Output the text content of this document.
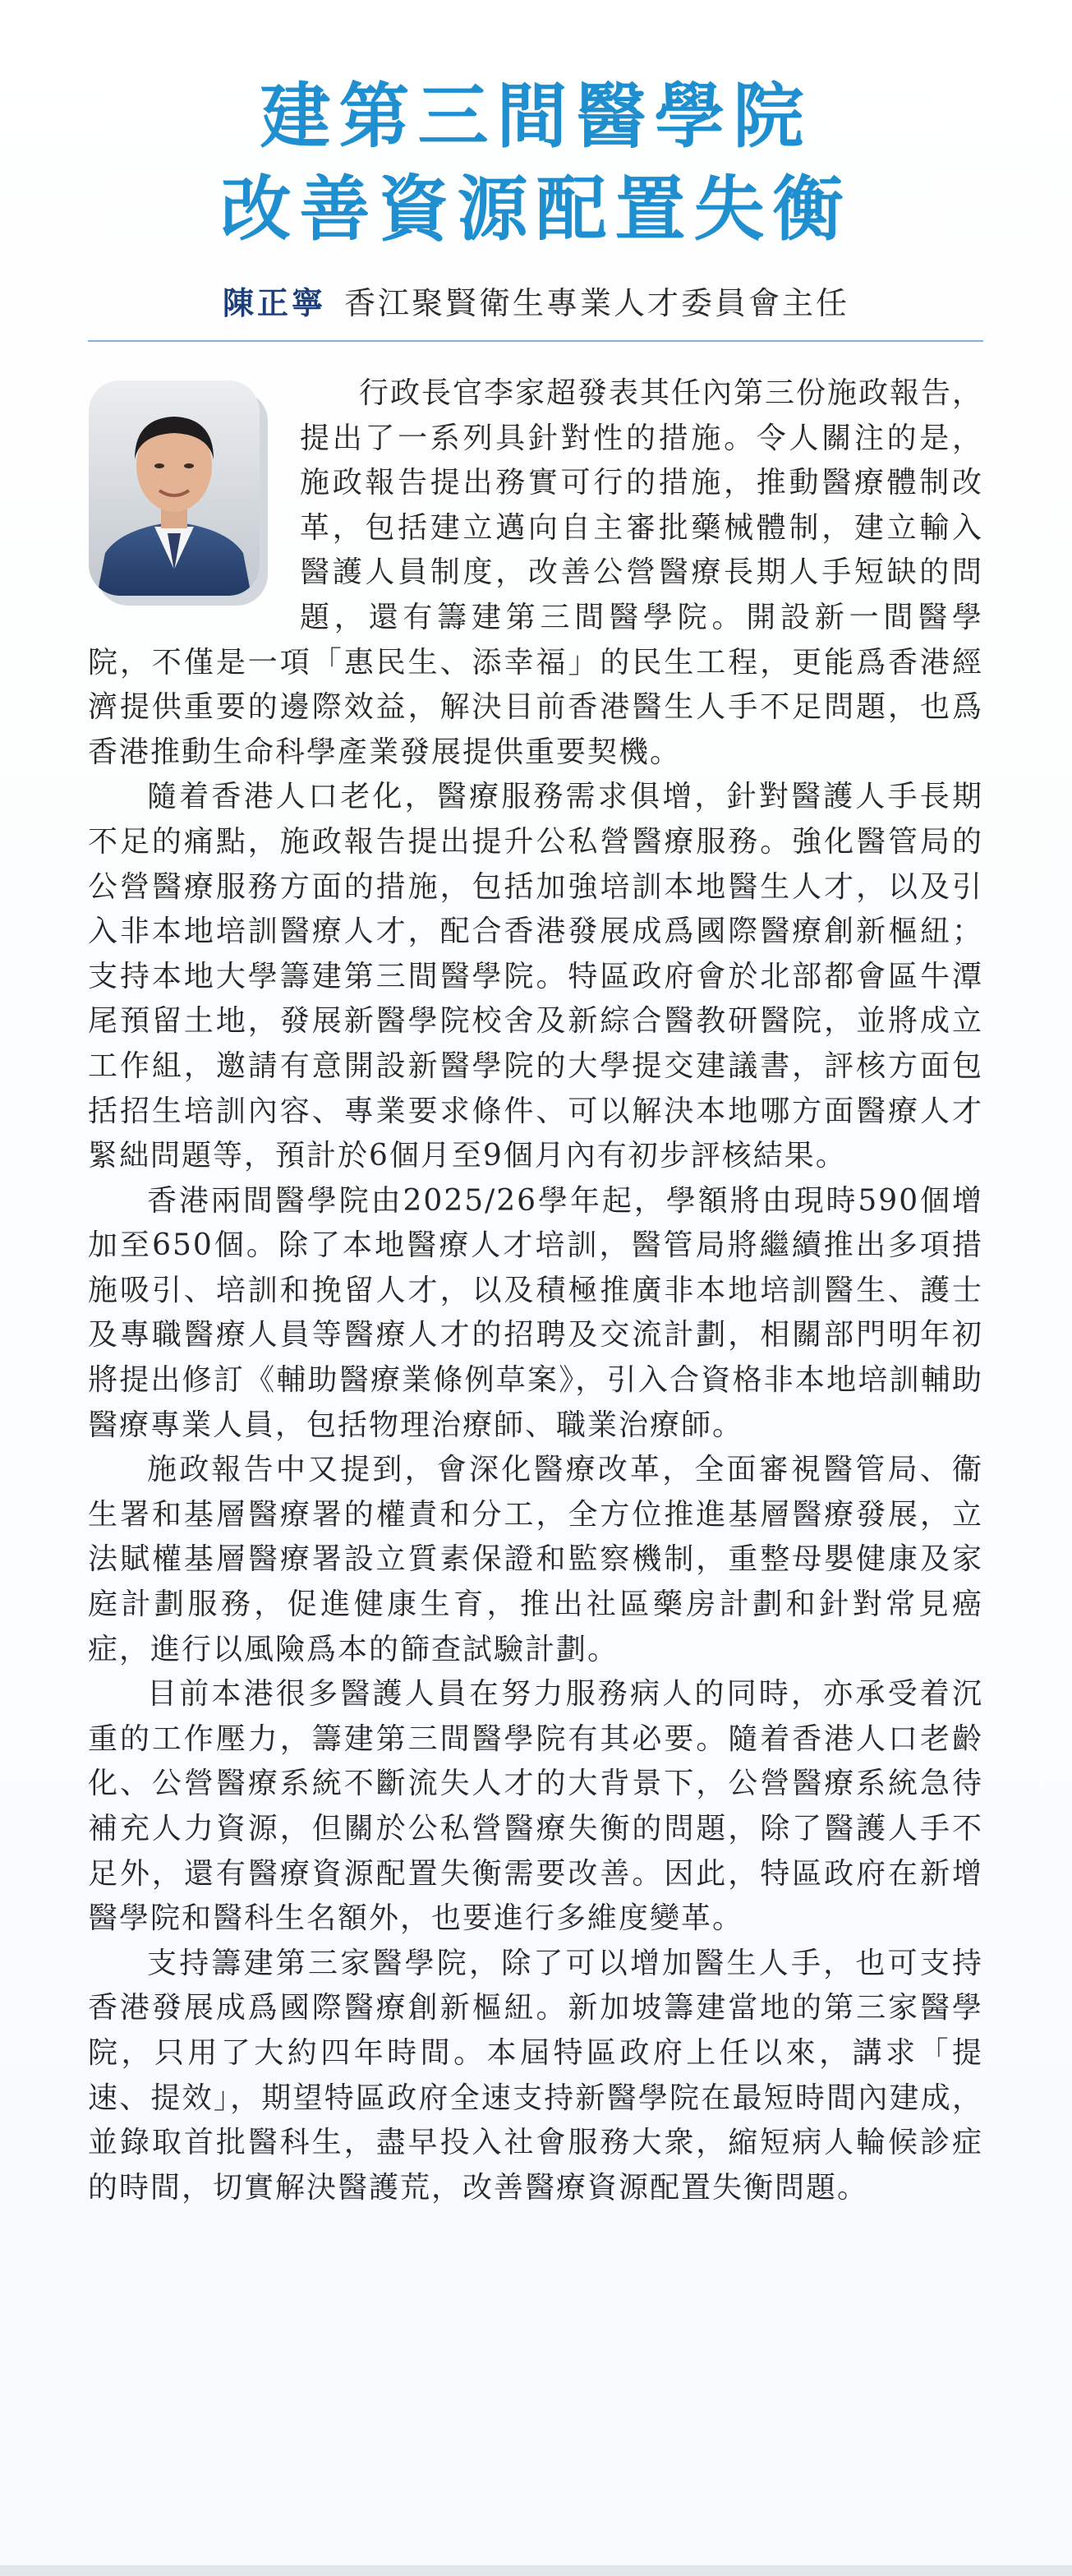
建第三間醫學院
改善資源配置失衡
陳正寧 香江聚賢衛生專業人才委員會主任

行政長官李家超發表其任內第三份施政報告，提出了一系列具針對性的措施。令人關注的是，施政報告提出務實可行的措施，推動醫療體制改革，包括建立邁向自主審批藥械體制，建立輸入醫護人員制度，改善公營醫療長期人手短缺的問題，還有籌建第三間醫學院。開設新一間醫學院，不僅是一項「惠民生、添幸福」的民生工程，更能爲香港經濟提供重要的邊際效益，解決目前香港醫生人手不足問題，也爲香港推動生命科學產業發展提供重要契機。

隨着香港人口老化，醫療服務需求俱增，針對醫護人手長期不足的痛點，施政報告提出提升公私營醫療服務。強化醫管局的公營醫療服務方面的措施，包括加強培訓本地醫生人才，以及引入非本地培訓醫療人才，配合香港發展成爲國際醫療創新樞紐；支持本地大學籌建第三間醫學院。特區政府會於北部都會區牛潭尾預留土地，發展新醫學院校舍及新綜合醫教研醫院，並將成立工作組，邀請有意開設新醫學院的大學提交建議書，評核方面包括招生培訓內容、專業要求條件、可以解決本地哪方面醫療人才緊絀問題等，預計於6個月至9個月內有初步評核結果。

香港兩間醫學院由2025/26學年起，學額將由現時590個增加至650個。除了本地醫療人才培訓，醫管局將繼續推出多項措施吸引、培訓和挽留人才，以及積極推廣非本地培訓醫生、護士及專職醫療人員等醫療人才的招聘及交流計劃，相關部門明年初將提出修訂《輔助醫療業條例草案》，引入合資格非本地培訓輔助醫療專業人員，包括物理治療師、職業治療師。

施政報告中又提到，會深化醫療改革，全面審視醫管局、衞生署和基層醫療署的權責和分工，全方位推進基層醫療發展，立法賦權基層醫療署設立質素保證和監察機制，重整母嬰健康及家庭計劃服務，促進健康生育，推出社區藥房計劃和針對常見癌症，進行以風險爲本的篩查試驗計劃。

目前本港很多醫護人員在努力服務病人的同時，亦承受着沉重的工作壓力，籌建第三間醫學院有其必要。隨着香港人口老齡化、公營醫療系統不斷流失人才的大背景下，公營醫療系統急待補充人力資源，但關於公私營醫療失衡的問題，除了醫護人手不足外，還有醫療資源配置失衡需要改善。因此，特區政府在新增醫學院和醫科生名額外，也要進行多維度變革。

支持籌建第三家醫學院，除了可以增加醫生人手，也可支持香港發展成爲國際醫療創新樞紐。新加坡籌建當地的第三家醫學院，只用了大約四年時間。本屆特區政府上任以來，講求「提速、提效」，期望特區政府全速支持新醫學院在最短時間內建成，並錄取首批醫科生，盡早投入社會服務大衆，縮短病人輪候診症的時間，切實解決醫護荒，改善醫療資源配置失衡問題。
